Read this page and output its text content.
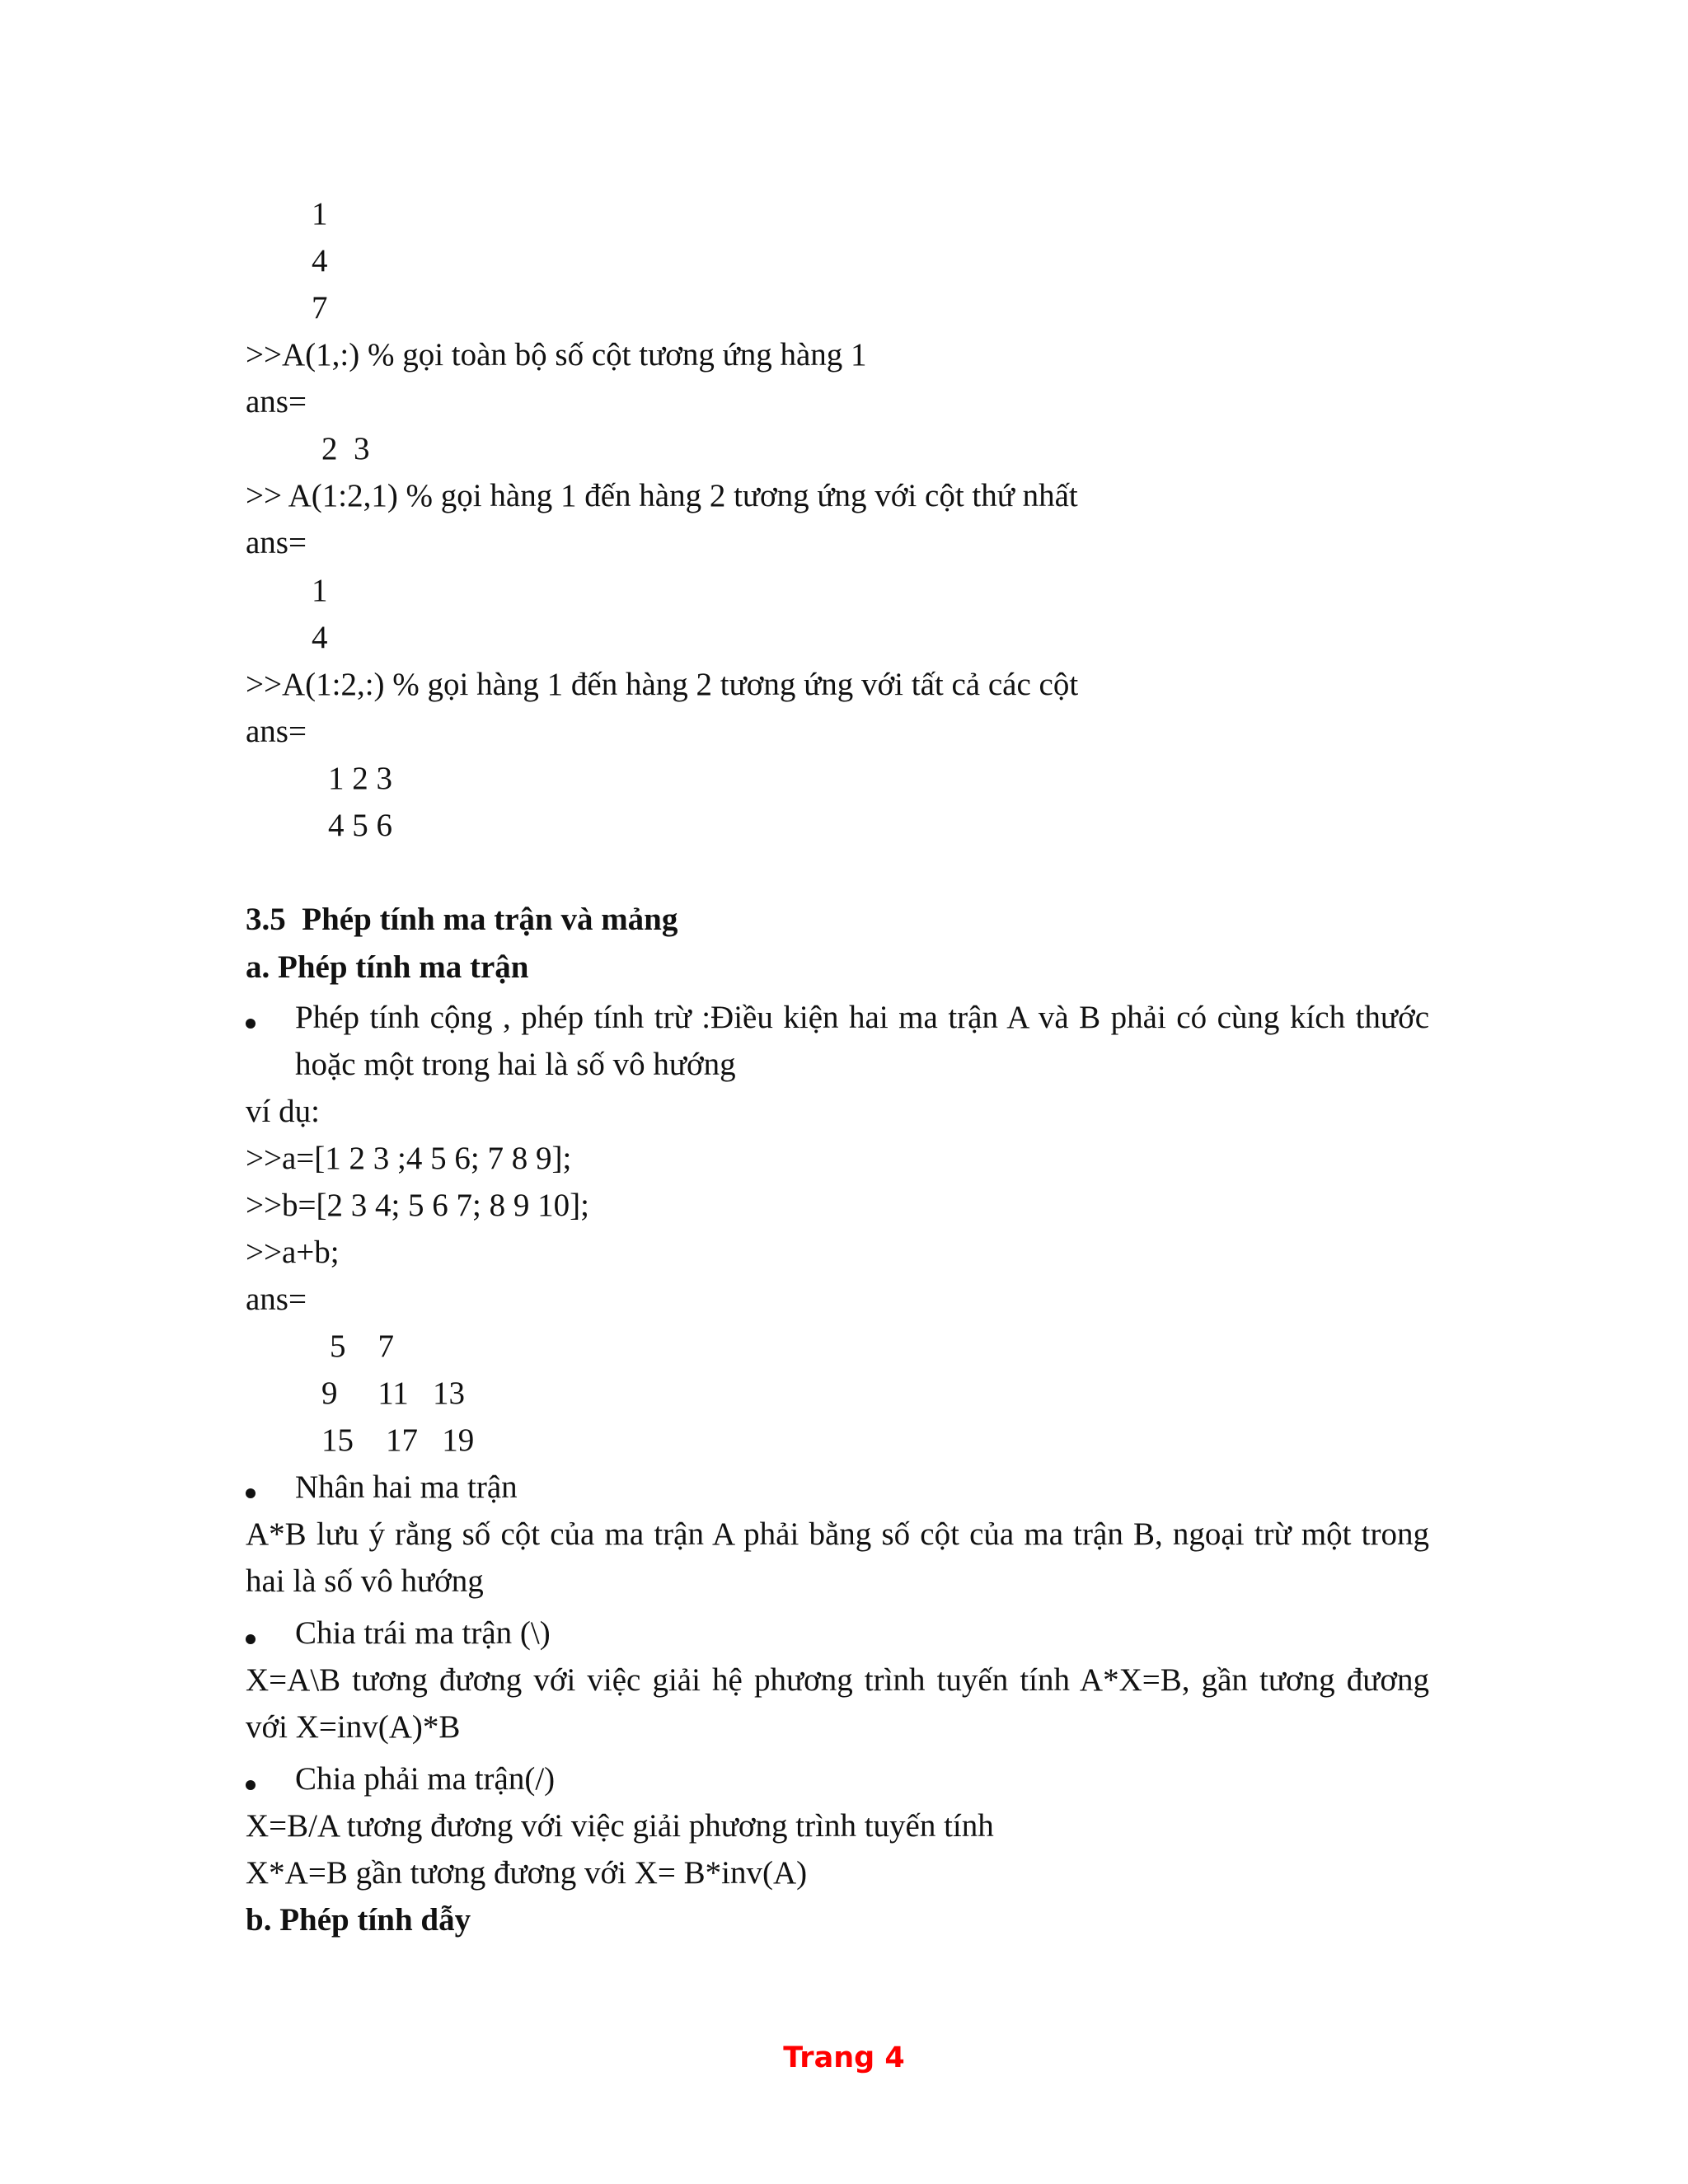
1
4
7
>>A(1,:) % gọi toàn bộ số cột tương ứng hàng 1
ans=
2  3
>> A(1:2,1) % gọi hàng 1 đến hàng 2 tương ứng với cột thứ nhất
ans=
1
4
>>A(1:2,:) % gọi hàng 1 đến hàng 2 tương ứng với tất cả các cột
ans=
1 2 3
4 5 6
3.5  Phép tính ma trận và mảng
a. Phép tính ma trận
Phép tính cộng , phép tính trừ :Điều kiện hai ma trận A và B phải có cùng kích thước
hoặc một trong hai là số vô hướng
ví dụ:
>>a=[1 2 3 ;4 5 6; 7 8 9];
>>b=[2 3 4; 5 6 7; 8 9 10];
>>a+b;
ans=
5    7
9     11   13
15    17   19
Nhân hai ma trận
A*B lưu ý rằng số cột của ma trận A phải bằng số cột của ma trận B, ngoại trừ một trong
hai là số vô hướng
Chia trái ma trận (\)
X=A\B tương đương với việc giải hệ phương trình tuyến tính A*X=B, gần tương đương
với X=inv(A)*B
Chia phải ma trận(/)
X=B/A tương đương với việc giải phương trình tuyến tính
X*A=B gần tương đương với X= B*inv(A)
b. Phép tính dẫy
Trang 4
